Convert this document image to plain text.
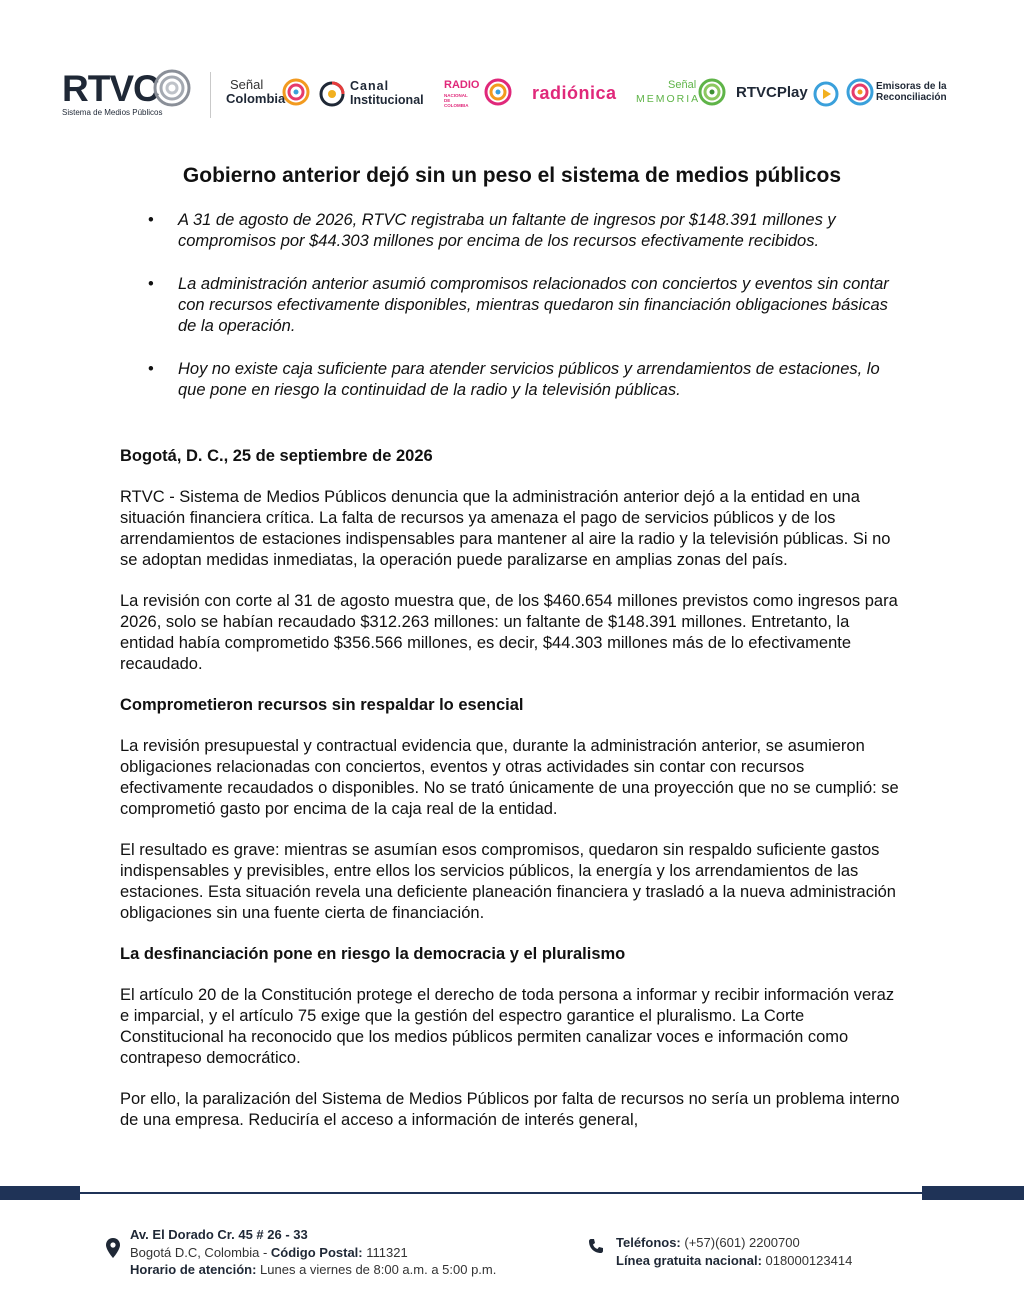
RTVC
Sistema de Medios Públicos
Señal
Colombia
Canal
Institucional
RADIO
NACIONAL DE COLOMBIA
radiónica	Señal
MEMORIA RTVCPlay	Emisoras de la
Reconciliación
Gobierno anterior dejó sin un peso el sistema de medios públicos
• A 31 de agosto de 2026, RTVC registraba un faltante de ingresos por $148.391 millones y compromisos por $44.303 millones por encima de los recursos efectivamente recibidos.
• La administración anterior asumió compromisos relacionados con conciertos y eventos sin contar con recursos efectivamente disponibles, mientras quedaron sin financiación obligaciones básicas de la operación.
• Hoy no existe caja suficiente para atender servicios públicos y arrendamientos de estaciones, lo que pone en riesgo la continuidad de la radio y la televisión públicas.

Bogotá, D. C., 25 de septiembre de 2026

RTVC - Sistema de Medios Públicos denuncia que la administración anterior dejó a la entidad en una situación financiera crítica. La falta de recursos ya amenaza el pago de servicios públicos y de los arrendamientos de estaciones indispensables para mantener al aire la radio y la televisión públicas. Si no se adoptan medidas inmediatas, la operación puede paralizarse en amplias zonas del país.

La revisión con corte al 31 de agosto muestra que, de los $460.654 millones previstos como ingresos para 2026, solo se habían recaudado $312.263 millones: un faltante de $148.391 millones. Entretanto, la entidad había comprometido $356.566 millones, es decir, $44.303 millones más de lo efectivamente recaudado.

Comprometieron recursos sin respaldar lo esencial

La revisión presupuestal y contractual evidencia que, durante la administración anterior, se asumieron obligaciones relacionadas con conciertos, eventos y otras actividades sin contar con recursos efectivamente recaudados o disponibles. No se trató únicamente de una proyección que no se cumplió: se comprometió gasto por encima de la caja real de la entidad.

El resultado es grave: mientras se asumían esos compromisos, quedaron sin respaldo suficiente gastos indispensables y previsibles, entre ellos los servicios públicos, la energía y los arrendamientos de las estaciones. Esta situación revela una deficiente planeación financiera y trasladó a la nueva administración obligaciones sin una fuente cierta de financiación.

La desfinanciación pone en riesgo la democracia y el pluralismo

El artículo 20 de la Constitución protege el derecho de toda persona a informar y recibir información veraz e imparcial, y el artículo 75 exige que la gestión del espectro garantice el pluralismo. La Corte Constitucional ha reconocido que los medios públicos permiten canalizar voces e información como contrapeso democrático.

Por ello, la paralización del Sistema de Medios Públicos por falta de recursos no sería un problema interno de una empresa. Reduciría el acceso a información de interés general,

Av. El Dorado Cr. 45 # 26 - 33
Bogotá D.C, Colombia - Código Postal: 111321
Horario de atención: Lunes a viernes de 8:00 a.m. a 5:00 p.m.
Teléfonos: (+57)(601) 2200700
Línea gratuita nacional: 018000123414
